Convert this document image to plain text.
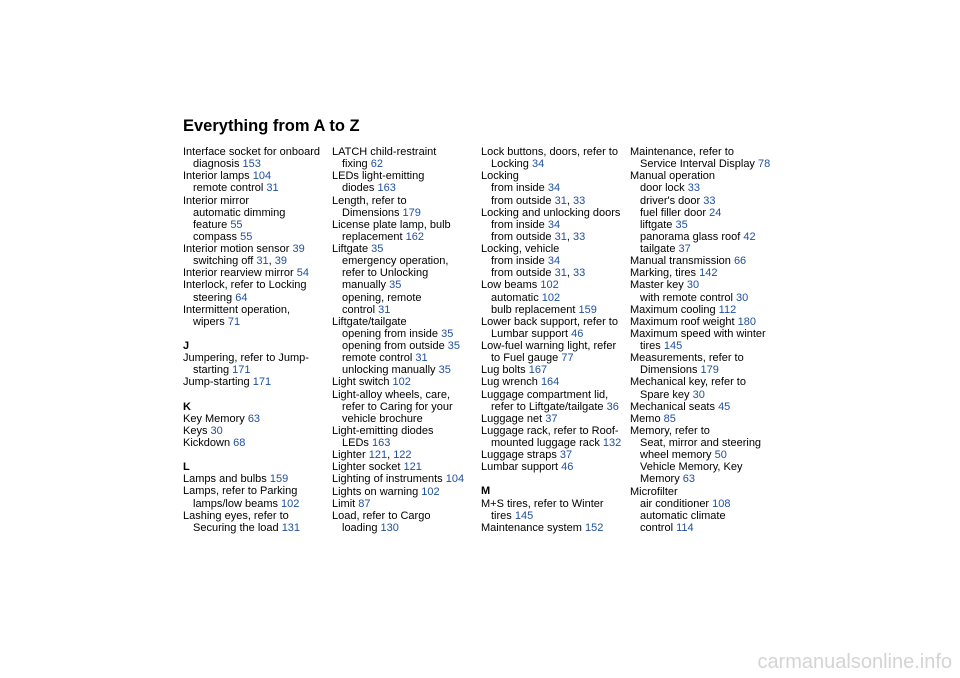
Everything from A to Z
Interface socket for onboard
diagnosis 153
Interior lamps 104
remote control 31
Interior mirror
automatic dimming
feature 55
compass 55
Interior motion sensor 39
switching off 31, 39
Interior rearview mirror 54
Interlock, refer to Locking
steering 64
Intermittent operation,
wipers 71
J
Jumpering, refer to Jump-
starting 171
Jump-starting 171
K
Key Memory 63
Keys 30
Kickdown 68
L
Lamps and bulbs 159
Lamps, refer to Parking
lamps/low beams 102
Lashing eyes, refer to
Securing the load 131
LATCH child-restraint
fixing 62
LEDs light-emitting
diodes 163
Length, refer to
Dimensions 179
License plate lamp, bulb
replacement 162
Liftgate 35
emergency operation,
refer to Unlocking
manually 35
opening, remote
control 31
Liftgate/tailgate
opening from inside 35
opening from outside 35
remote control 31
unlocking manually 35
Light switch 102
Light-alloy wheels, care,
refer to Caring for your
vehicle brochure
Light-emitting diodes
LEDs 163
Lighter 121, 122
Lighter socket 121
Lighting of instruments 104
Lights on warning 102
Limit 87
Load, refer to Cargo
loading 130
Lock buttons, doors, refer to
Locking 34
Locking
from inside 34
from outside 31, 33
Locking and unlocking doors
from inside 34
from outside 31, 33
Locking, vehicle
from inside 34
from outside 31, 33
Low beams 102
automatic 102
bulb replacement 159
Lower back support, refer to
Lumbar support 46
Low-fuel warning light, refer
to Fuel gauge 77
Lug bolts 167
Lug wrench 164
Luggage compartment lid,
refer to Liftgate/tailgate 36
Luggage net 37
Luggage rack, refer to Roof-
mounted luggage rack 132
Luggage straps 37
Lumbar support 46
M
M+S tires, refer to Winter
tires 145
Maintenance system 152
Maintenance, refer to
Service Interval Display 78
Manual operation
door lock 33
driver's door 33
fuel filler door 24
liftgate 35
panorama glass roof 42
tailgate 37
Manual transmission 66
Marking, tires 142
Master key 30
with remote control 30
Maximum cooling 112
Maximum roof weight 180
Maximum speed with winter
tires 145
Measurements, refer to
Dimensions 179
Mechanical key, refer to
Spare key 30
Mechanical seats 45
Memo 85
Memory, refer to
Seat, mirror and steering
wheel memory 50
Vehicle Memory, Key
Memory 63
Microfilter
air conditioner 108
automatic climate
control 114
carmanualsonline.info
